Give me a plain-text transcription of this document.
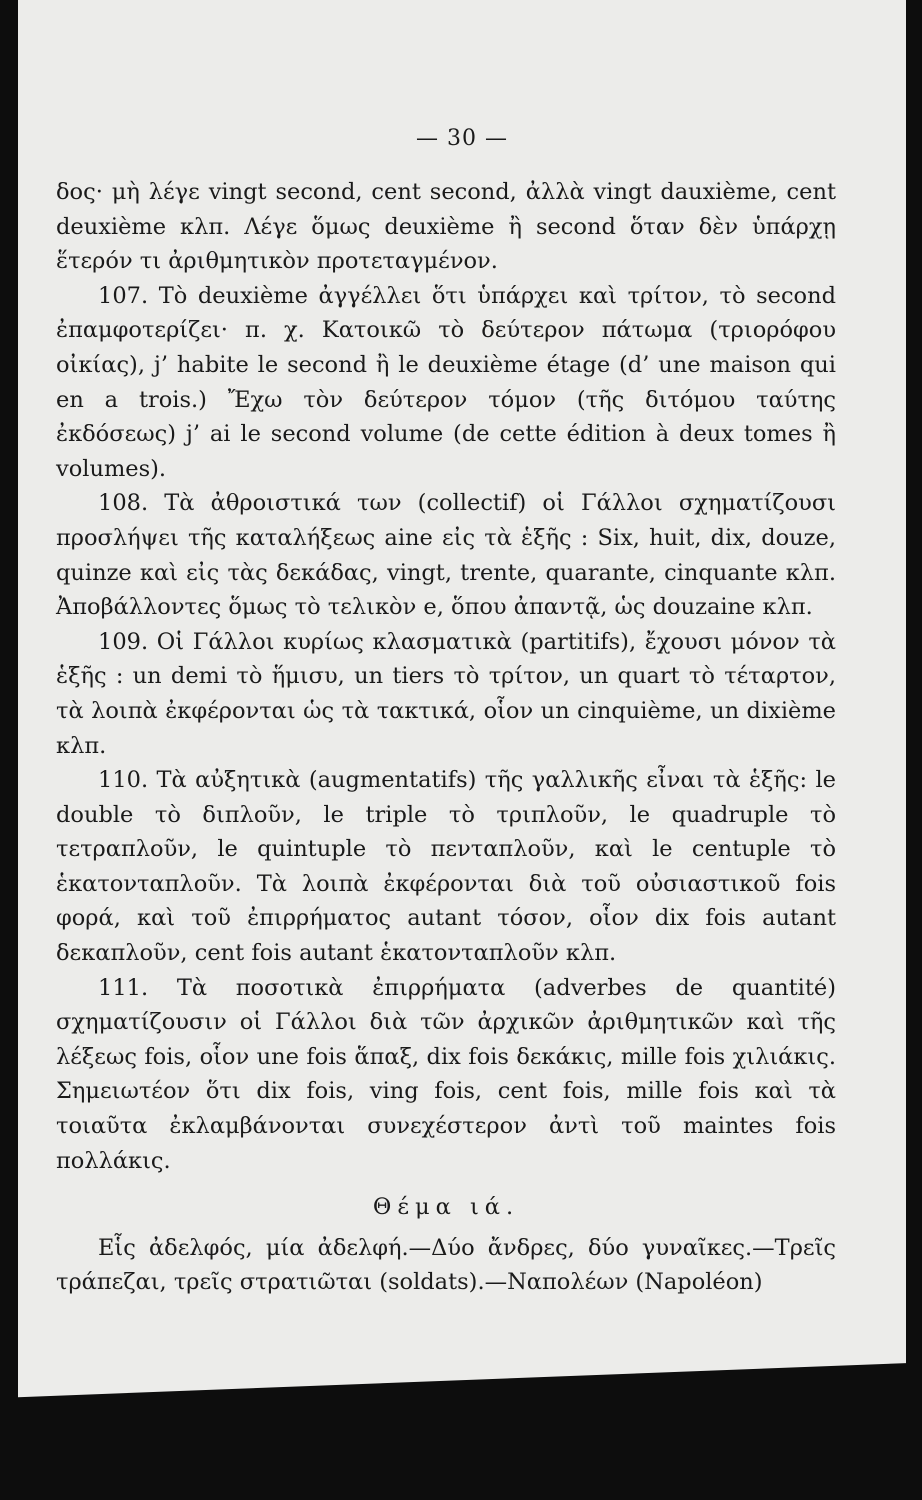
— 30 —

δος· μὴ λέγε vingt second, cent second, ἀλλὰ vingt dauxième, cent deuxième κλπ. Λέγε ὅμως deuxième ἢ second ὅταν δὲν ὑπάρχῃ ἕτερόν τι ἀριθμητικὸν προτεταγμένον.

107. Τὸ deuxième ἀγγέλλει ὅτι ὑπάρχει καὶ τρίτον, τὸ second ἐπαμφοτερίζει· π. χ. Κατοικῶ τὸ δεύτερον πάτωμα (τριορόφου οἰκίας), j’ habite le second ἢ le deuxième étage (d’ une maison qui en a trois.) Ἔχω τὸν δεύτερον τόμον (τῆς διτόμου ταύτης ἐκδόσεως) j’ ai le second volume (de cette édition à deux tomes ἢ volumes).

108. Τὰ ἀθροιστικά των (collectif) οἱ Γάλλοι σχηματίζουσι προσλήψει τῆς καταλήξεως aine εἰς τὰ ἑξῆς : Six, huit, dix, douze, quinze καὶ εἰς τὰς δεκάδας, vingt, trente, quarante, cinquante κλπ. Ἀποβάλλοντες ὅμως τὸ τελικὸν e, ὅπου ἀπαντᾷ, ὡς douzaine κλπ.

109. Οἱ Γάλλοι κυρίως κλασματικὰ (partitifs), ἔχουσι μόνον τὰ ἑξῆς : un demi τὸ ἥμισυ, un tiers τὸ τρίτον, un quart τὸ τέταρτον, τὰ λοιπὰ ἐκφέρονται ὡς τὰ τακτικά, οἷον un cinquième, un dixième κλπ.

110. Τὰ αὐξητικὰ (augmentatifs) τῆς γαλλικῆς εἶναι τὰ ἑξῆς: le double τὸ διπλοῦν, le triple τὸ τριπλοῦν, le quadruple τὸ τετραπλοῦν, le quintuple τὸ πενταπλοῦν, καὶ le centuple τὸ ἑκατονταπλοῦν. Τὰ λοιπὰ ἐκφέρονται διὰ τοῦ οὐσιαστικοῦ fois φορά, καὶ τοῦ ἐπιρρήματος autant τόσον, οἷον dix fois autant δεκαπλοῦν, cent fois autant ἑκατονταπλοῦν κλπ.

111. Τὰ ποσοτικὰ ἐπιρρήματα (adverbes de quantité) σχηματίζουσιν οἱ Γάλλοι διὰ τῶν ἀρχικῶν ἀριθμητικῶν καὶ τῆς λέξεως fois, οἷον une fois ἅπαξ, dix fois δεκάκις, mille fois χιλιάκις. Σημειωτέον ὅτι dix fois, ving fois, cent fois, mille fois καὶ τὰ τοιαῦτα ἐκλαμβάνονται συνεχέστερον ἀντὶ τοῦ maintes fois πολλάκις.

Θέμα ιά.

Εἷς ἀδελφός, μία ἀδελφή.—Δύο ἄνδρες, δύο γυναῖκες.—Τρεῖς τράπεζαι, τρεῖς στρατιῶται (soldats).—Ναπολέων (Napoléon)
